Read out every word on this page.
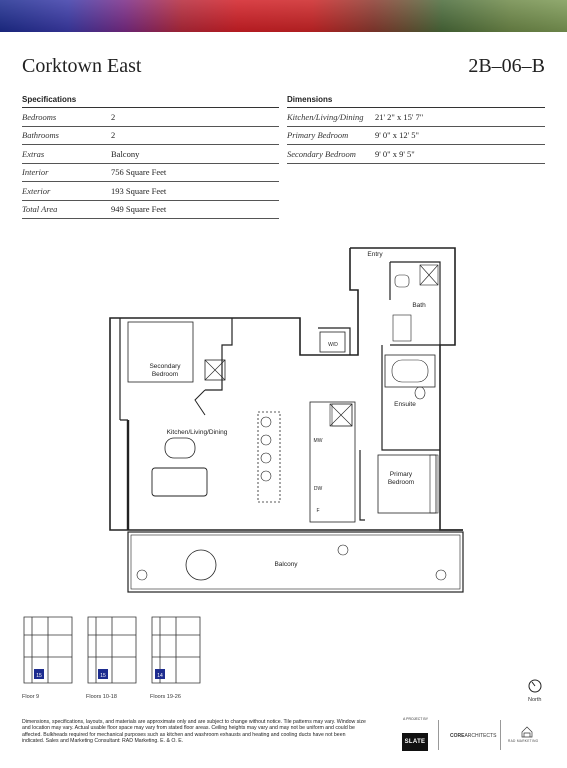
Corktown East	2B–06–B
Specifications
Bedrooms	2
Bathrooms	2
Extras	Balcony
Interior	756 Square Feet
Exterior	193 Square Feet
Total Area	949 Square Feet
Dimensions
Kitchen/Living/Dining	21' 2" x 15' 7"
Primary Bedroom	9' 0" x 12' 5"
Secondary Bedroom	9' 0" x 9' 5"
Entry
Bath
W/D
Secondary
Bedroom
Ensuite
Kitchen/Living/Dining
MW
DW
F
Primary
Bedroom
Balcony
15	15	14
Floor 9	Floors 10-18	Floors 19-26	North
Dimensions, specifications, layouts, and materials are approximate only and are subject to change without notice. Tile patterns may vary. Window size and location may vary. Actual usable floor space may vary from stated floor areas. Ceiling heights may vary and may not be uniform and could be affected. Bulkheads required for mechanical purposes such as kitchen and washroom exhausts and heating and cooling ducts have not been indicated. Sales and Marketing Consultant: RAD Marketing. E. & O. E.
A PROJECT BY
SLATE
COREARCHITECTS
RAD MARKETING
